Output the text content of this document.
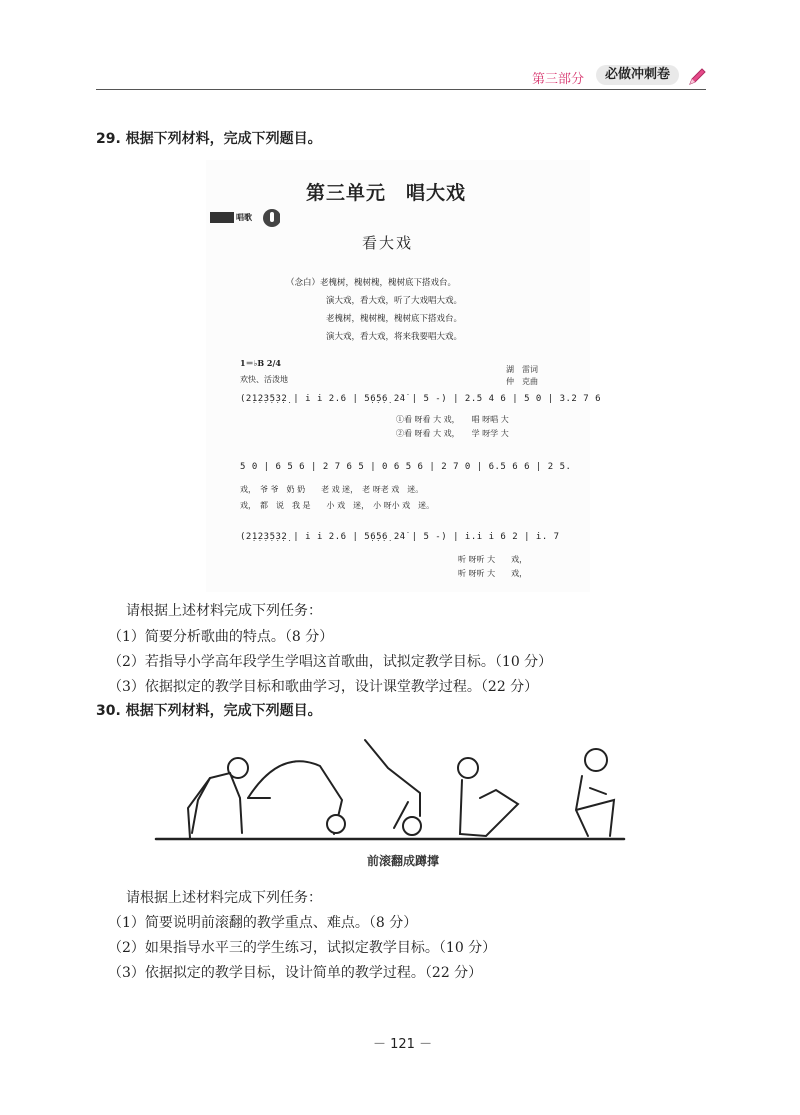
第三部分	必做冲刺卷
29. 根据下列材料，完成下列题目。
第三单元　唱大戏
唱歌
看大戏
（念白）老槐树，槐树槐，槐树底下搭戏台。
演大戏，看大戏，听了大戏唱大戏。
老槐树，槐树槐，槐树底下搭戏台。
演大戏，看大戏，将来我要唱大戏。
1＝♭B 2/4
欢快、活泼地
湖　雷词
仲　克曲
(2̣1̣2̣3̣5̣3̣2̣ | i i 2.6 | 5̣6̣5̣6̣ 2̇4̇ | 5 -) | 2.5 4 6 | 5 0 | 3.2 7 6
①看 呀看 大 戏，　　唱 呀唱 大
②看 呀看 大 戏，　　学 呀学 大
5 0 | 6 5 6 | 2 7 6 5 | 0 6 5 6 | 2 7 0 | 6.5 6 6 | 2 5.
戏，　爷 爷　奶 奶　　老 戏 迷，　老 呀老 戏　迷。
戏，　都　说　我 是　　小 戏　迷，　小 呀小 戏　迷。
(2̣1̣2̣3̣5̣3̣2̣ | i i 2.6 | 5̣6̣5̣6̣ 2̇4̇ | 5 -) | i.i i 6 2 | i. 7
听 呀听 大　　戏，
听 呀听 大　　戏，
请根据上述材料完成下列任务：
（1）简要分析歌曲的特点。（8 分）
（2）若指导小学高年段学生学唱这首歌曲，试拟定教学目标。（10 分）
（3）依据拟定的教学目标和歌曲学习，设计课堂教学过程。（22 分）
30. 根据下列材料，完成下列题目。
前滚翻成蹲撑
请根据上述材料完成下列任务：
（1）简要说明前滚翻的教学重点、难点。（8 分）
（2）如果指导水平三的学生练习，试拟定教学目标。（10 分）
（3）依据拟定的教学目标，设计简单的教学过程。（22 分）
－ 121 －
